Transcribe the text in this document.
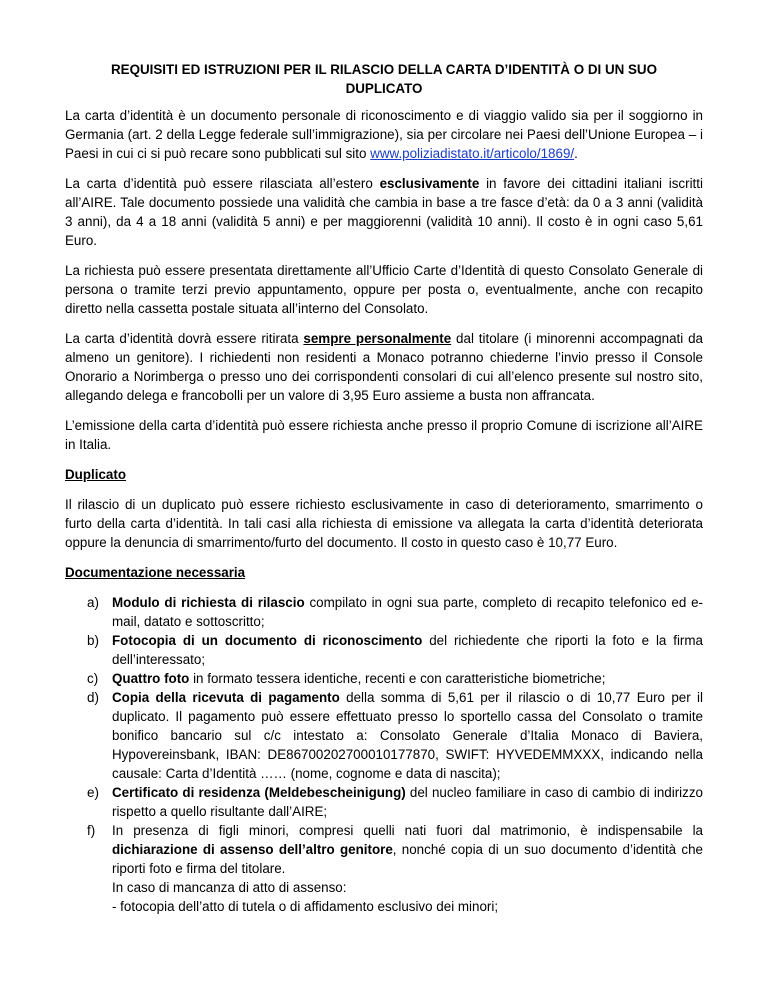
REQUISITI ED ISTRUZIONI PER IL RILASCIO DELLA CARTA D’IDENTITÀ O DI UN SUO DUPLICATO

La carta d’identità è un documento personale di riconoscimento e di viaggio valido sia per il soggiorno in Germania (art. 2 della Legge federale sull’immigrazione), sia per circolare nei Paesi dell’Unione Europea – i Paesi in cui ci si può recare sono pubblicati sul sito www.poliziadistato.it/articolo/1869/.

La carta d’identità può essere rilasciata all’estero esclusivamente in favore dei cittadini italiani iscritti all’AIRE. Tale documento possiede una validità che cambia in base a tre fasce d’età: da 0 a 3 anni (validità 3 anni), da 4 a 18 anni (validità 5 anni) e per maggiorenni (validità 10 anni). Il costo è in ogni caso 5,61 Euro.

La richiesta può essere presentata direttamente all’Ufficio Carte d’Identità di questo Consolato Generale di persona o tramite terzi previo appuntamento, oppure per posta o, eventualmente, anche con recapito diretto nella cassetta postale situata all’interno del Consolato.

La carta d’identità dovrà essere ritirata sempre personalmente dal titolare (i minorenni accompagnati da almeno un genitore). I richiedenti non residenti a Monaco potranno chiederne l’invio presso il Console Onorario a Norimberga o presso uno dei corrispondenti consolari di cui all’elenco presente sul nostro sito, allegando delega e francobolli per un valore di 3,95 Euro assieme a busta non affrancata.

L’emissione della carta d’identità può essere richiesta anche presso il proprio Comune di iscrizione all’AIRE in Italia.

Duplicato

Il rilascio di un duplicato può essere richiesto esclusivamente in caso di deterioramento, smarrimento o furto della carta d’identità. In tali casi alla richiesta di emissione va allegata la carta d’identità deteriorata oppure la denuncia di smarrimento/furto del documento. Il costo in questo caso è 10,77 Euro.

Documentazione necessaria
a) Modulo di richiesta di rilascio compilato in ogni sua parte, completo di recapito telefonico ed e-mail, datato e sottoscritto;
b) Fotocopia di un documento di riconoscimento del richiedente che riporti la foto e la firma dell’interessato;
c) Quattro foto in formato tessera identiche, recenti e con caratteristiche biometriche;
d) Copia della ricevuta di pagamento della somma di 5,61 per il rilascio o di 10,77 Euro per il duplicato. Il pagamento può essere effettuato presso lo sportello cassa del Consolato o tramite bonifico bancario sul c/c intestato a: Consolato Generale d’Italia Monaco di Baviera, Hypovereinsbank, IBAN: DE86700202700010177870, SWIFT: HYVEDEMMXXX, indicando nella causale: Carta d’Identità …… (nome, cognome e data di nascita);
e) Certificato di residenza (Meldebescheinigung) del nucleo familiare in caso di cambio di indirizzo rispetto a quello risultante dall’AIRE;
f) In presenza di figli minori, compresi quelli nati fuori dal matrimonio, è indispensabile la dichiarazione di assenso dell’altro genitore, nonché copia di un suo documento d’identità che riporti foto e firma del titolare.
In caso di mancanza di atto di assenso:
- fotocopia dell’atto di tutela o di affidamento esclusivo dei minori;
